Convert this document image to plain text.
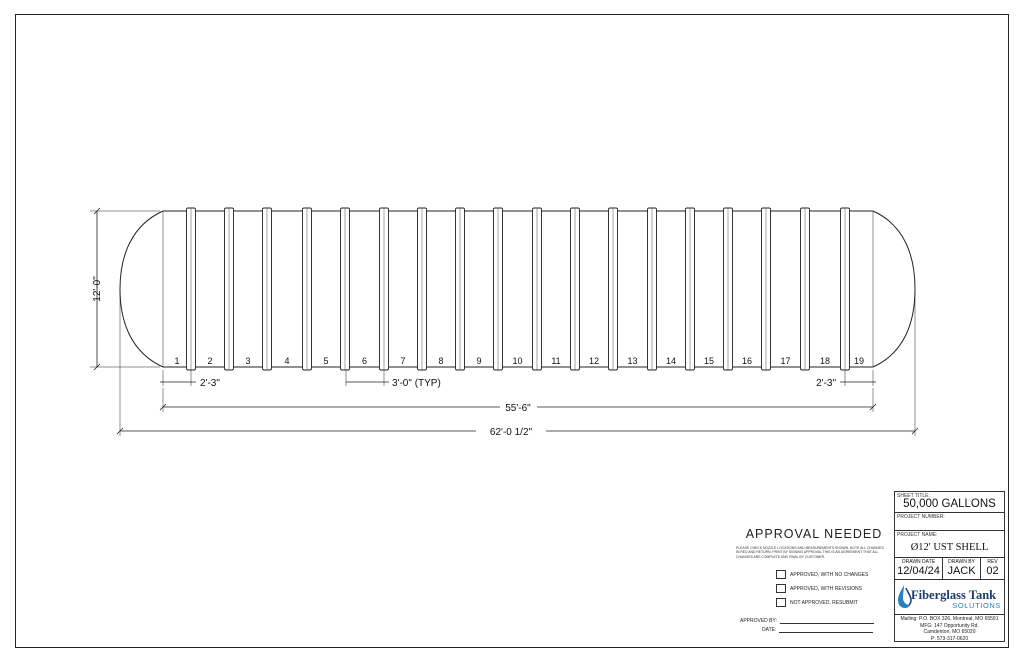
1	2	3	4	5	6	7	8	9	10	11	12	13	14	15	16	17	18	19
12'-0"
2'-3"	3'-0" (TYP)	2'-3"
55'-6"
62'-0 1/2"
APPROVAL NEEDED
PLEASE CHECK NOZZLE LOCATIONS AND MEASUREMENTS SHOWN. NOTE ALL CHANGES IN RED AND RETURN. PRINT BY SIGNING APPROVAL THIS IS AN AGREEMENT THAT ALL CHANGES ARE COMPLETE AND FINAL BY CUSTOMER.
APPROVED, WITH NO CHANGES
APPROVED, WITH REVISIONS
NOT APPROVED, RESUBMIT
APPROVED BY:
DATE:
SHEET TITLE:
50,000 GALLONS
PROJECT NUMBER:
PROJECT NAME:
Ø12' UST SHELL
DRAWN DATE
12/04/24
DRAWN BY
JACK
REV
02
Fiberglass Tank
SOLUTIONS
Mailing: P.O. BOX 326, Montreal, MO 65591
MFG: 147 Opportunity Rd.
Camdenton, MO 65020
P: 573-317-0620
